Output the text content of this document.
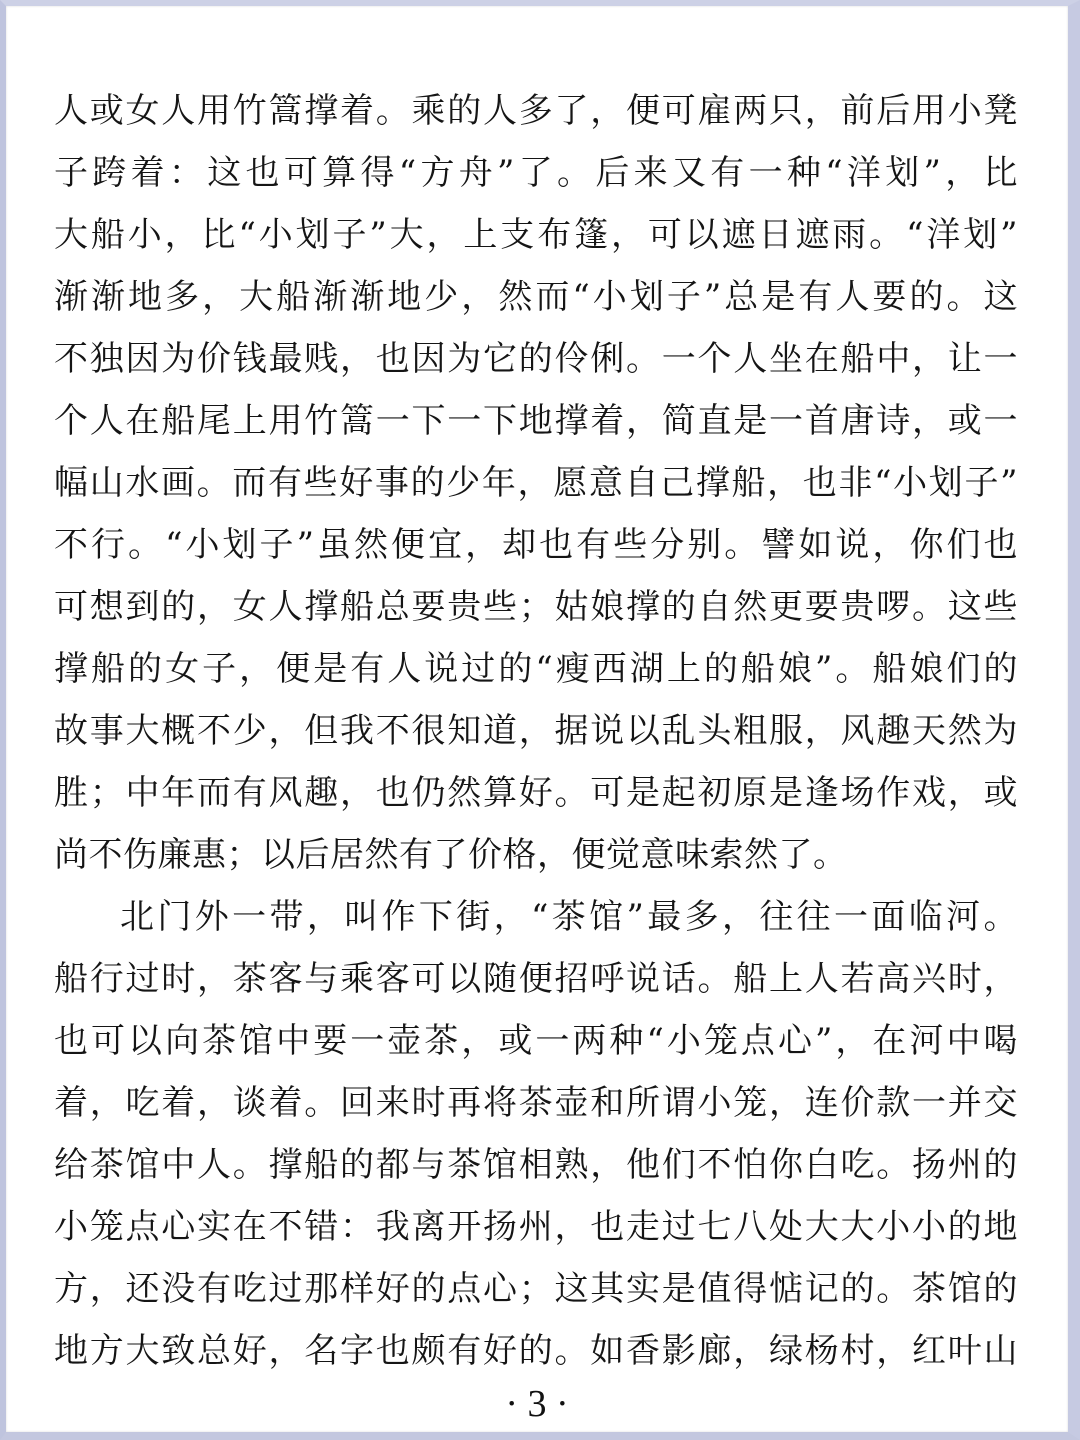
人或女人用竹篙撑着。乘的人多了，便可雇两只，前后用小凳
子跨着：这也可算得“方舟”了。后来又有一种“洋划”，比
大船小，比“小划子”大，上支布篷，可以遮日遮雨。“洋划”
渐渐地多，大船渐渐地少，然而“小划子”总是有人要的。这
不独因为价钱最贱，也因为它的伶俐。一个人坐在船中，让一
个人在船尾上用竹篙一下一下地撑着，简直是一首唐诗，或一
幅山水画。而有些好事的少年，愿意自己撑船，也非“小划子”
不行。“小划子”虽然便宜，却也有些分别。譬如说，你们也
可想到的，女人撑船总要贵些；姑娘撑的自然更要贵啰。这些
撑船的女子，便是有人说过的“瘦西湖上的船娘”。船娘们的
故事大概不少，但我不很知道，据说以乱头粗服，风趣天然为
胜；中年而有风趣，也仍然算好。可是起初原是逢场作戏，或
尚不伤廉惠；以后居然有了价格，便觉意味索然了。
北门外一带，叫作下街，“茶馆”最多，往往一面临河。
船行过时，茶客与乘客可以随便招呼说话。船上人若高兴时，
也可以向茶馆中要一壶茶，或一两种“小笼点心”，在河中喝
着，吃着，谈着。回来时再将茶壶和所谓小笼，连价款一并交
给茶馆中人。撑船的都与茶馆相熟，他们不怕你白吃。扬州的
小笼点心实在不错：我离开扬州，也走过七八处大大小小的地
方，还没有吃过那样好的点心；这其实是值得惦记的。茶馆的
地方大致总好，名字也颇有好的。如香影廊，绿杨村，红叶山
· 3 ·
